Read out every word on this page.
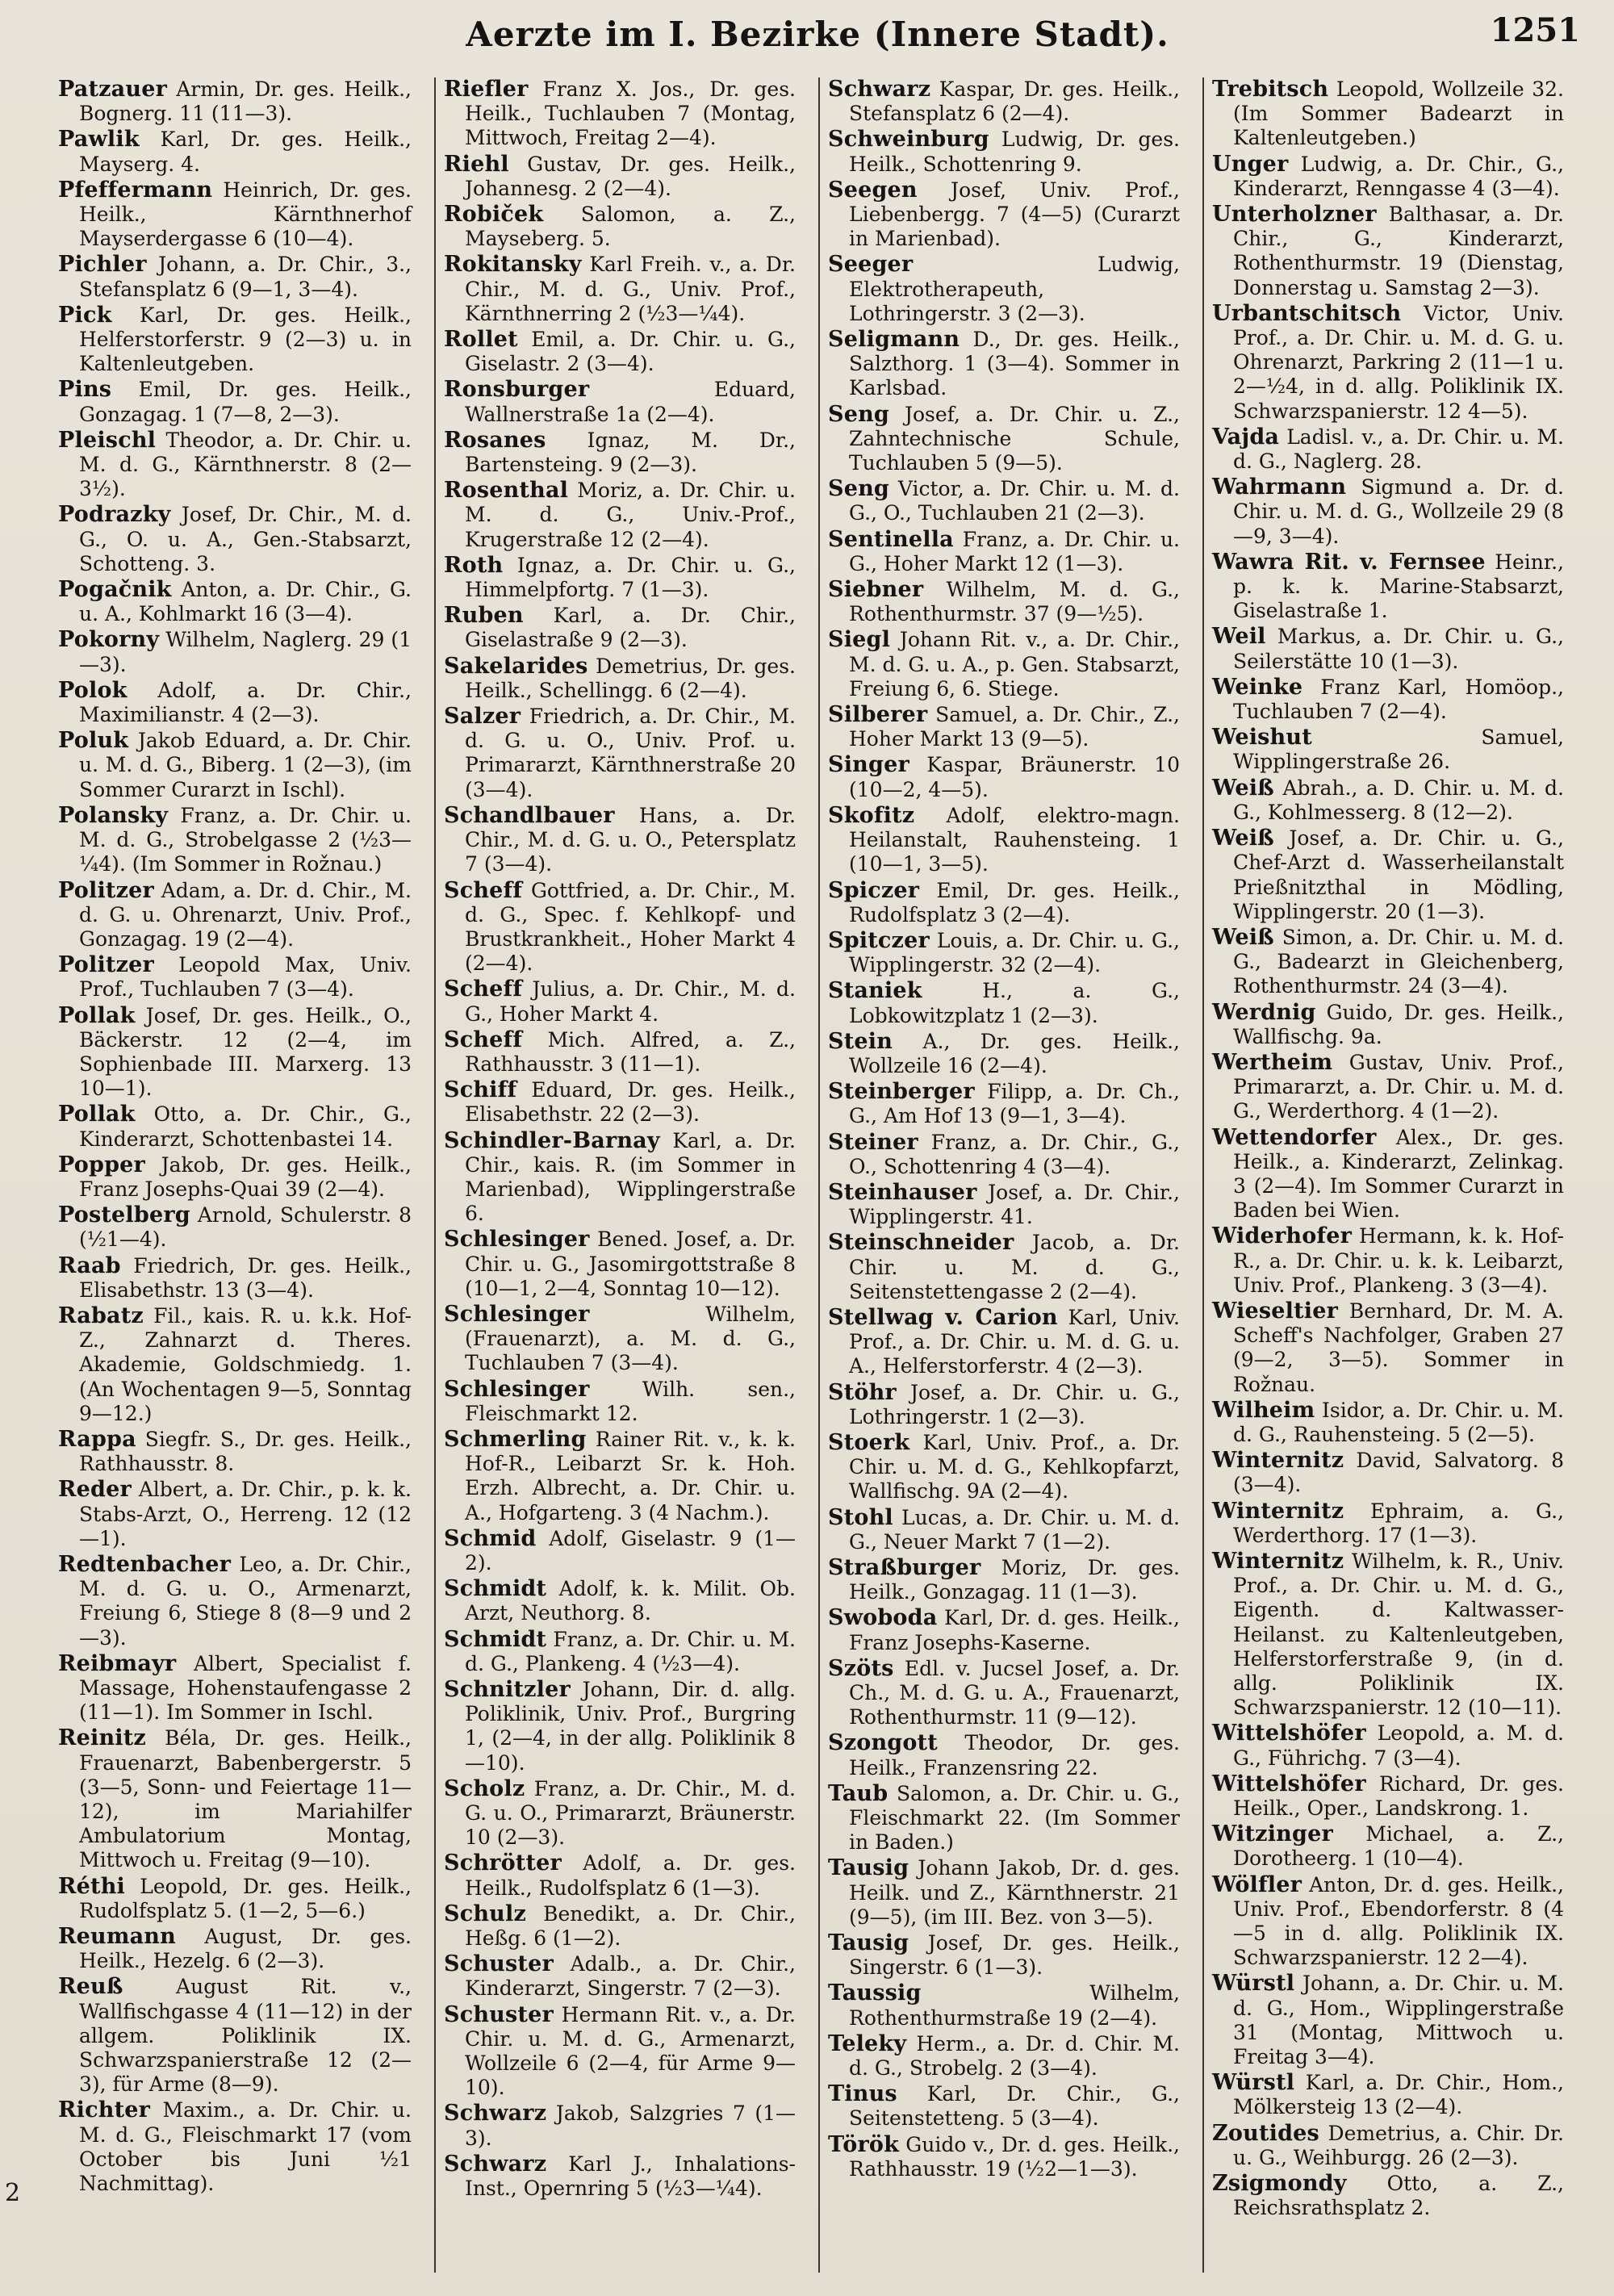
Aerzte im I. Bezirke (Innere Stadt).	1251

Patzauer Armin, Dr. ges. Heilk., Bognerg. 11 (11—3).

Pawlik Karl, Dr. ges. Heilk., Mayserg. 4.

Pfeffermann Heinrich, Dr. ges. Heilk., Kärnthnerhof Mayserdergasse 6 (10—4).

Pichler Johann, a. Dr. Chir., 3., Stefansplatz 6 (9—1, 3—4).

Pick Karl, Dr. ges. Heilk., Helferstorferstr. 9 (2—3) u. in Kaltenleutgeben.

Pins Emil, Dr. ges. Heilk., Gonzagag. 1 (7—8, 2—3).

Pleischl Theodor, a. Dr. Chir. u. M. d. G., Kärnthnerstr. 8 (2—3½).

Podrazky Josef, Dr. Chir., M. d. G., O. u. A., Gen.-Stabsarzt, Schotteng. 3.

Pogačnik Anton, a. Dr. Chir., G. u. A., Kohlmarkt 16 (3—4).

Pokorny Wilhelm, Naglerg. 29 (1—3).

Polok Adolf, a. Dr. Chir., Maximilianstr. 4 (2—3).

Poluk Jakob Eduard, a. Dr. Chir. u. M. d. G., Biberg. 1 (2—3), (im Sommer Curarzt in Ischl).

Polansky Franz, a. Dr. Chir. u. M. d. G., Strobelgasse 2 (½3—¼4). (Im Sommer in Rožnau.)

Politzer Adam, a. Dr. d. Chir., M. d. G. u. Ohrenarzt, Univ. Prof., Gonzagag. 19 (2—4).

Politzer Leopold Max, Univ. Prof., Tuchlauben 7 (3—4).

Pollak Josef, Dr. ges. Heilk., O., Bäckerstr. 12 (2—4, im Sophienbade III. Marxerg. 13 10—1).

Pollak Otto, a. Dr. Chir., G., Kinderarzt, Schottenbastei 14.

Popper Jakob, Dr. ges. Heilk., Franz Josephs-Quai 39 (2—4).

Postelberg Arnold, Schulerstr. 8 (½1—4).

Raab Friedrich, Dr. ges. Heilk., Elisabethstr. 13 (3—4).

Rabatz Fil., kais. R. u. k.k. Hof-Z., Zahnarzt d. Theres. Akademie, Goldschmiedg. 1. (An Wochentagen 9—5, Sonntag 9—12.)

Rappa Siegfr. S., Dr. ges. Heilk., Rathhausstr. 8.

Reder Albert, a. Dr. Chir., p. k. k. Stabs-Arzt, O., Herreng. 12 (12—1).

Redtenbacher Leo, a. Dr. Chir., M. d. G. u. O., Armenarzt, Freiung 6, Stiege 8 (8—9 und 2—3).

Reibmayr Albert, Specialist f. Massage, Hohenstaufengasse 2 (11—1). Im Sommer in Ischl.

Reinitz Béla, Dr. ges. Heilk., Frauenarzt, Babenbergerstr. 5 (3—5, Sonn- und Feiertage 11—12), im Mariahilfer Ambulatorium Montag, Mittwoch u. Freitag (9—10).

Réthi Leopold, Dr. ges. Heilk., Rudolfsplatz 5. (1—2, 5—6.)

Reumann August, Dr. ges. Heilk., Hezelg. 6 (2—3).

Reuß	August Rit. v., Wallfischgasse 4 (11—12) in der allgem. Poliklinik IX. Schwarzspanierstraße 12 (2—3), für Arme (8—9).

Richter Maxim., a. Dr. Chir. u. M. d. G., Fleischmarkt 17 (vom October bis Juni ½1 Nachmittag).

Riefler Franz X. Jos., Dr. ges. Heilk., Tuchlauben 7 (Montag, Mittwoch, Freitag 2—4).

Riehl Gustav, Dr. ges. Heilk., Johannesg. 2 (2—4).

Robiček Salomon, a. Z., Mayseberg. 5.

Rokitansky Karl Freih. v., a. Dr. Chir., M. d. G., Univ. Prof., Kärnthnerring 2 (½3—¼4).

Rollet Emil, a. Dr. Chir. u. G., Giselastr. 2 (3—4).

Ronsburger	Eduard, Wallnerstraße 1a (2—4).

Rosanes Ignaz, M. Dr., Bartensteing. 9 (2—3).

Rosenthal Moriz, a. Dr. Chir. u. M. d. G., Univ.-Prof., Krugerstraße 12 (2—4).

Roth Ignaz, a. Dr. Chir. u. G., Himmelpfortg. 7 (1—3).

Ruben Karl, a. Dr. Chir., Giselastraße 9 (2—3).

Sakelarides Demetrius, Dr. ges. Heilk., Schellingg. 6 (2—4).

Salzer Friedrich, a. Dr. Chir., M. d. G. u. O., Univ. Prof. u. Primararzt, Kärnthnerstraße 20 (3—4).

Schandlbauer Hans, a. Dr. Chir., M. d. G. u. O., Petersplatz 7 (3—4).

Scheff Gottfried, a. Dr. Chir., M. d. G., Spec. f. Kehlkopf- und Brustkrankheit., Hoher Markt 4 (2—4).

Scheff Julius, a. Dr. Chir., M. d. G., Hoher Markt 4.

Scheff Mich. Alfred, a. Z., Rathhausstr. 3 (11—1).

Schiff Eduard, Dr. ges. Heilk., Elisabethstr. 22 (2—3).

Schindler-Barnay Karl, a. Dr. Chir., kais. R. (im Sommer in Marienbad), Wipplingerstraße 6.

Schlesinger Bened. Josef, a. Dr. Chir. u. G., Jasomirgottstraße 8 (10—1, 2—4, Sonntag 10—12).

Schlesinger	Wilhelm, (Frauenarzt), a. M. d. G., Tuchlauben 7 (3—4).

Schlesinger	Wilh. sen., Fleischmarkt 12.

Schmerling Rainer Rit. v., k. k. Hof-R., Leibarzt Sr. k. Hoh. Erzh. Albrecht, a. Dr. Chir. u. A., Hofgarteng. 3 (4 Nachm.).

Schmid Adolf, Giselastr. 9 (1—2).

Schmidt Adolf, k. k. Milit. Ob. Arzt, Neuthorg. 8.

Schmidt Franz, a. Dr. Chir. u. M. d. G., Plankeng. 4 (½3—4).

Schnitzler Johann, Dir. d. allg. Poliklinik, Univ. Prof., Burgring 1, (2—4, in der allg. Poliklinik 8—10).

Scholz Franz, a. Dr. Chir., M. d. G. u. O., Primararzt, Bräunerstr. 10 (2—3).

Schrötter Adolf, a. Dr. ges. Heilk., Rudolfsplatz 6 (1—3).

Schulz Benedikt, a. Dr. Chir., Heßg. 6 (1—2).

Schuster Adalb., a. Dr. Chir., Kinderarzt, Singerstr. 7 (2—3).

Schuster Hermann Rit. v., a. Dr. Chir. u. M. d. G., Armenarzt, Wollzeile 6 (2—4, für Arme 9—10).

Schwarz Jakob, Salzgries 7 (1—3).

Schwarz Karl J., Inhalations-Inst., Opernring 5 (½3—¼4).

Schwarz Kaspar, Dr. ges. Heilk., Stefansplatz 6 (2—4).

Schweinburg Ludwig, Dr. ges. Heilk., Schottenring 9.

Seegen Josef, Univ. Prof., Liebenbergg. 7 (4—5) (Curarzt in Marienbad).

Seeger	Ludwig, Elektrotherapeuth, Lothringerstr. 3 (2—3).

Seligmann D., Dr. ges. Heilk., Salzthorg. 1 (3—4). Sommer in Karlsbad.

Seng Josef, a. Dr. Chir. u. Z., Zahntechnische Schule, Tuchlauben 5 (9—5).

Seng Victor, a. Dr. Chir. u. M. d. G., O., Tuchlauben 21 (2—3).

Sentinella Franz, a. Dr. Chir. u. G., Hoher Markt 12 (1—3).

Siebner Wilhelm, M. d. G., Rothenthurmstr. 37 (9—½5).

Siegl Johann Rit. v., a. Dr. Chir., M. d. G. u. A., p. Gen. Stabsarzt, Freiung 6, 6. Stiege.

Silberer Samuel, a. Dr. Chir., Z., Hoher Markt 13 (9—5).

Singer Kaspar, Bräunerstr. 10 (10—2, 4—5).

Skofitz Adolf, elektro-magn. Heilanstalt, Rauhensteing. 1 (10—1, 3—5).

Spiczer Emil, Dr. ges. Heilk., Rudolfsplatz 3 (2—4).

Spitczer Louis, a. Dr. Chir. u. G., Wipplingerstr. 32 (2—4).

Staniek	H., a. G., Lobkowitzplatz 1 (2—3).

Stein A., Dr. ges. Heilk., Wollzeile 16 (2—4).

Steinberger Filipp, a. Dr. Ch., G., Am Hof 13 (9—1, 3—4).

Steiner Franz, a. Dr. Chir., G., O., Schottenring 4 (3—4).

Steinhauser Josef, a. Dr. Chir., Wipplingerstr. 41.

Steinschneider Jacob, a. Dr. Chir. u. M. d. G., Seitenstettengasse 2 (2—4).

Stellwag v. Carion Karl, Univ. Prof., a. Dr. Chir. u. M. d. G. u. A., Helferstorferstr. 4 (2—3).

Stöhr Josef, a. Dr. Chir. u. G., Lothringerstr. 1 (2—3).

Stoerk Karl, Univ. Prof., a. Dr. Chir. u. M. d. G., Kehlkopfarzt, Wallfischg. 9A (2—4).

Stohl Lucas, a. Dr. Chir. u. M. d. G., Neuer Markt 7 (1—2).

Straßburger Moriz, Dr. ges. Heilk., Gonzagag. 11 (1—3).

Swoboda Karl, Dr. d. ges. Heilk., Franz Josephs-Kaserne.

Szöts Edl. v. Jucsel Josef, a. Dr. Ch., M. d. G. u. A., Frauenarzt, Rothenthurmstr. 11 (9—12).

Szongott Theodor, Dr. ges. Heilk., Franzensring 22.

Taub Salomon, a. Dr. Chir. u. G., Fleischmarkt 22. (Im Sommer in Baden.)

Tausig Johann Jakob, Dr. d. ges. Heilk. und Z., Kärnthnerstr. 21 (9—5), (im III. Bez. von 3—5).

Tausig Josef, Dr. ges. Heilk., Singerstr. 6 (1—3).

Taussig	Wilhelm, Rothenthurmstraße 19 (2—4).

Teleky Herm., a. Dr. d. Chir. M. d. G., Strobelg. 2 (3—4).

Tinus Karl, Dr. Chir., G., Seitenstetteng. 5 (3—4).

Török Guido v., Dr. d. ges. Heilk., Rathhausstr. 19 (½2—1—3).

Trebitsch Leopold, Wollzeile 32. (Im Sommer Badearzt in Kaltenleutgeben.)

Unger Ludwig, a. Dr. Chir., G., Kinderarzt, Renngasse 4 (3—4).

Unterholzner Balthasar, a. Dr. Chir., G., Kinderarzt, Rothenthurmstr. 19 (Dienstag, Donnerstag u. Samstag 2—3).

Urbantschitsch Victor, Univ. Prof., a. Dr. Chir. u. M. d. G. u. Ohrenarzt, Parkring 2 (11—1 u. 2—½4, in d. allg. Poliklinik IX. Schwarzspanierstr. 12 4—5).

Vajda Ladisl. v., a. Dr. Chir. u. M. d. G., Naglerg. 28.

Wahrmann Sigmund a. Dr. d. Chir. u. M. d. G., Wollzeile 29 (8—9, 3—4).

Wawra Rit. v. Fernsee Heinr., p. k. k. Marine-Stabsarzt, Giselastraße 1.

Weil Markus, a. Dr. Chir. u. G., Seilerstätte 10 (1—3).

Weinke Franz Karl, Homöop., Tuchlauben 7 (2—4).

Weishut	Samuel, Wipplingerstraße 26.

Weiß Abrah., a. D. Chir. u. M. d. G., Kohlmesserg. 8 (12—2).

Weiß Josef, a. Dr. Chir. u. G., Chef-Arzt d. Wasserheilanstalt Prießnitzthal in Mödling, Wipplingerstr. 20 (1—3).

Weiß Simon, a. Dr. Chir. u. M. d. G., Badearzt in Gleichenberg, Rothenthurmstr. 24 (3—4).

Werdnig Guido, Dr. ges. Heilk., Wallfischg. 9a.

Wertheim Gustav, Univ. Prof., Primararzt, a. Dr. Chir. u. M. d. G., Werderthorg. 4 (1—2).

Wettendorfer Alex., Dr. ges. Heilk., a. Kinderarzt, Zelinkag. 3 (2—4). Im Sommer Curarzt in Baden bei Wien.

Widerhofer Hermann, k. k. Hof-R., a. Dr. Chir. u. k. k. Leibarzt, Univ. Prof., Plankeng. 3 (3—4).

Wieseltier Bernhard, Dr. M. A. Scheff's Nachfolger, Graben 27 (9—2, 3—5). Sommer in Rožnau.

Wilheim Isidor, a. Dr. Chir. u. M. d. G., Rauhensteing. 5 (2—5).

Winternitz David, Salvatorg. 8 (3—4).

Winternitz Ephraim, a. G., Werderthorg. 17 (1—3).

Winternitz Wilhelm, k. R., Univ. Prof., a. Dr. Chir. u. M. d. G., Eigenth. d. Kaltwasser-Heilanst. zu Kaltenleutgeben, Helferstorferstraße 9, (in d. allg. Poliklinik IX. Schwarzspanierstr. 12 (10—11).

Wittelshöfer Leopold, a. M. d. G., Führichg. 7 (3—4).

Wittelshöfer Richard, Dr. ges. Heilk., Oper., Landskrong. 1.

Witzinger Michael, a. Z., Dorotheerg. 1 (10—4).

Wölfler Anton, Dr. d. ges. Heilk., Univ. Prof., Ebendorferstr. 8 (4—5 in d. allg. Poliklinik IX. Schwarzspanierstr. 12 2—4).

Würstl Johann, a. Dr. Chir. u. M. d. G., Hom., Wipplingerstraße 31 (Montag, Mittwoch u. Freitag 3—4).

Würstl Karl, a. Dr. Chir., Hom., Mölkersteig 13 (2—4).

Zoutides Demetrius, a. Chir. Dr. u. G., Weihburgg. 26 (2—3).

Zsigmondy Otto, a. Z., Reichsrathsplatz 2.

2
